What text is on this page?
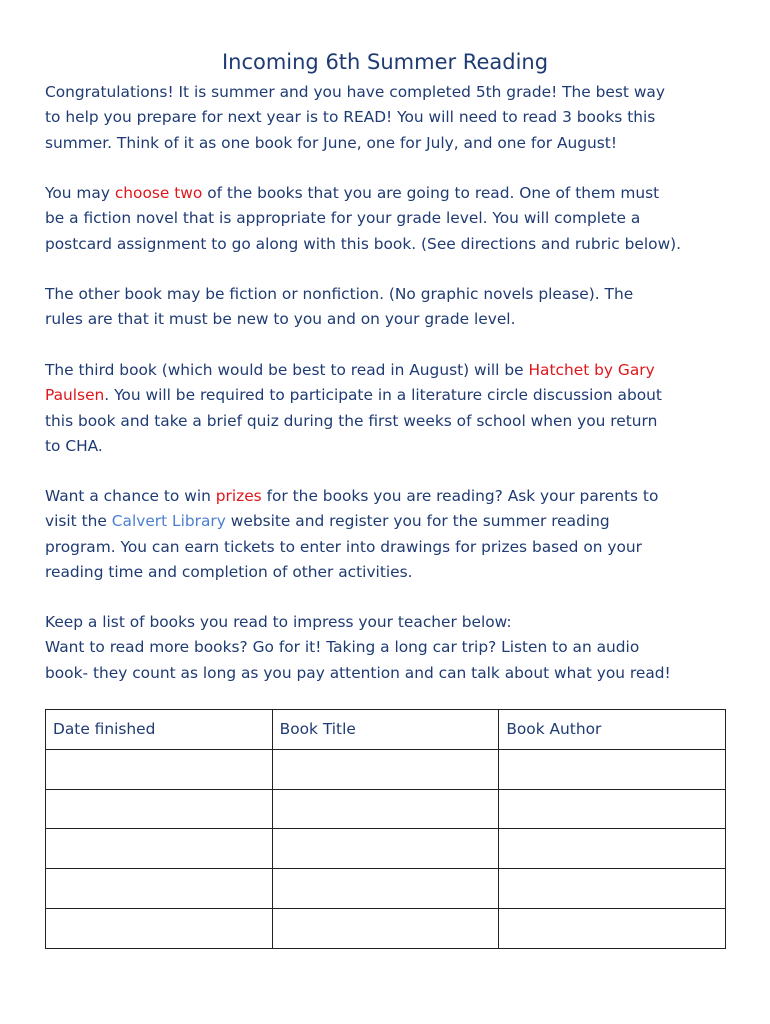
Incoming 6th Summer Reading
Congratulations! It is summer and you have completed 5th grade! The best way
to help you prepare for next year is to READ! You will need to read 3 books this
summer. Think of it as one book for June, one for July, and one for August!
You may choose two of the books that you are going to read. One of them must
be a fiction novel that is appropriate for your grade level. You will complete a
postcard assignment to go along with this book. (See directions and rubric below).
The other book may be fiction or nonfiction. (No graphic novels please). The
rules are that it must be new to you and on your grade level.
The third book (which would be best to read in August) will be Hatchet by Gary
Paulsen. You will be required to participate in a literature circle discussion about
this book and take a brief quiz during the first weeks of school when you return
to CHA.
Want a chance to win prizes for the books you are reading? Ask your parents to
visit the Calvert Library website and register you for the summer reading
program. You can earn tickets to enter into drawings for prizes based on your
reading time and completion of other activities.
Keep a list of books you read to impress your teacher below:
Want to read more books? Go for it! Taking a long car trip? Listen to an audio
book- they count as long as you pay attention and can talk about what you read!
Date finished	Book Title	Book Author
